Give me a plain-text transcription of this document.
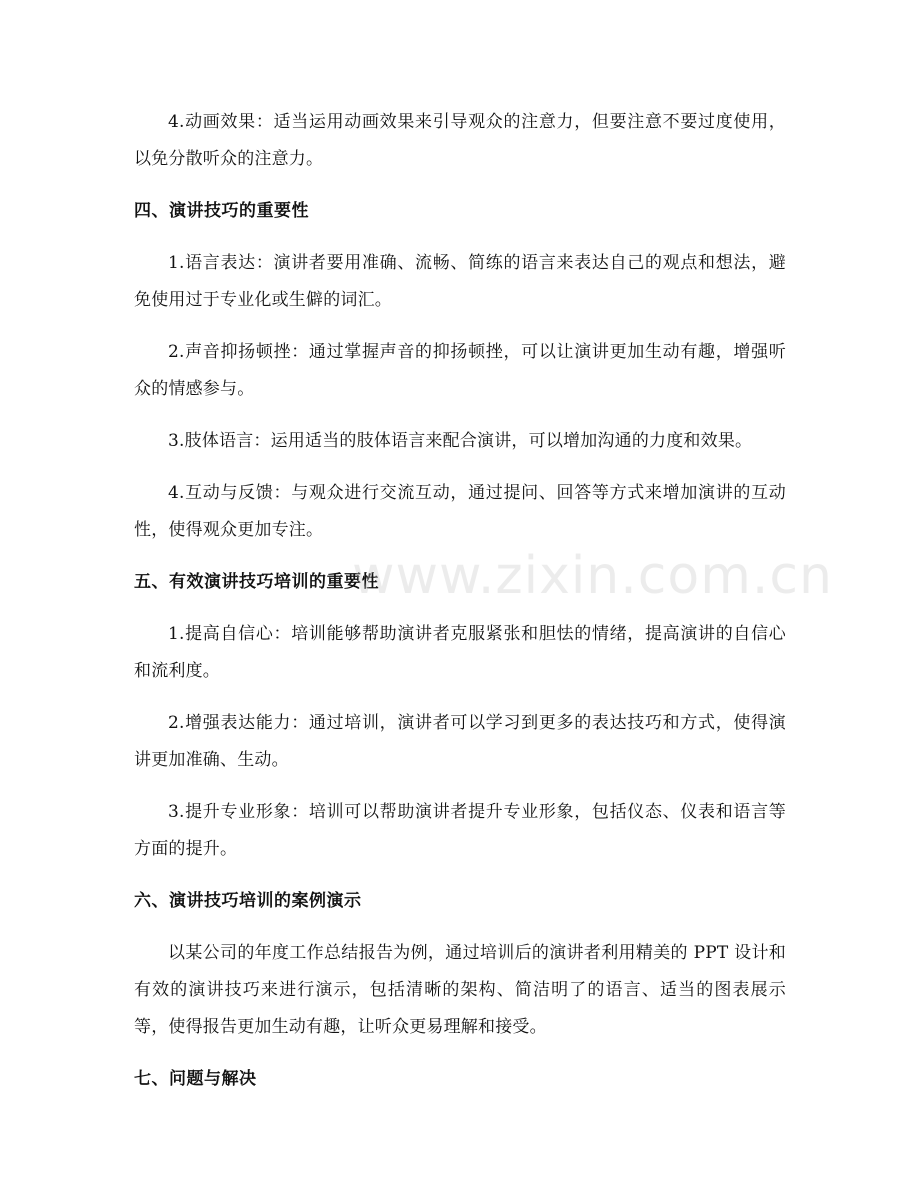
4.动画效果：适当运用动画效果来引导观众的注意力，但要注意不要过度使用，以免分散听众的注意力。

四、演讲技巧的重要性

1.语言表达：演讲者要用准确、流畅、简练的语言来表达自己的观点和想法，避免使用过于专业化或生僻的词汇。

2.声音抑扬顿挫：通过掌握声音的抑扬顿挫，可以让演讲更加生动有趣，增强听众的情感参与。

3.肢体语言：运用适当的肢体语言来配合演讲，可以增加沟通的力度和效果。

4.互动与反馈：与观众进行交流互动，通过提问、回答等方式来增加演讲的互动性，使得观众更加专注。

五、有效演讲技巧培训的重要性

1.提高自信心：培训能够帮助演讲者克服紧张和胆怯的情绪，提高演讲的自信心和流利度。

2.增强表达能力：通过培训，演讲者可以学习到更多的表达技巧和方式，使得演讲更加准确、生动。

3.提升专业形象：培训可以帮助演讲者提升专业形象，包括仪态、仪表和语言等方面的提升。

六、演讲技巧培训的案例演示

以某公司的年度工作总结报告为例，通过培训后的演讲者利用精美的 PPT 设计和有效的演讲技巧来进行演示，包括清晰的架构、简洁明了的语言、适当的图表展示等，使得报告更加生动有趣，让听众更易理解和接受。

七、问题与解决
www.zixin.com.cn
